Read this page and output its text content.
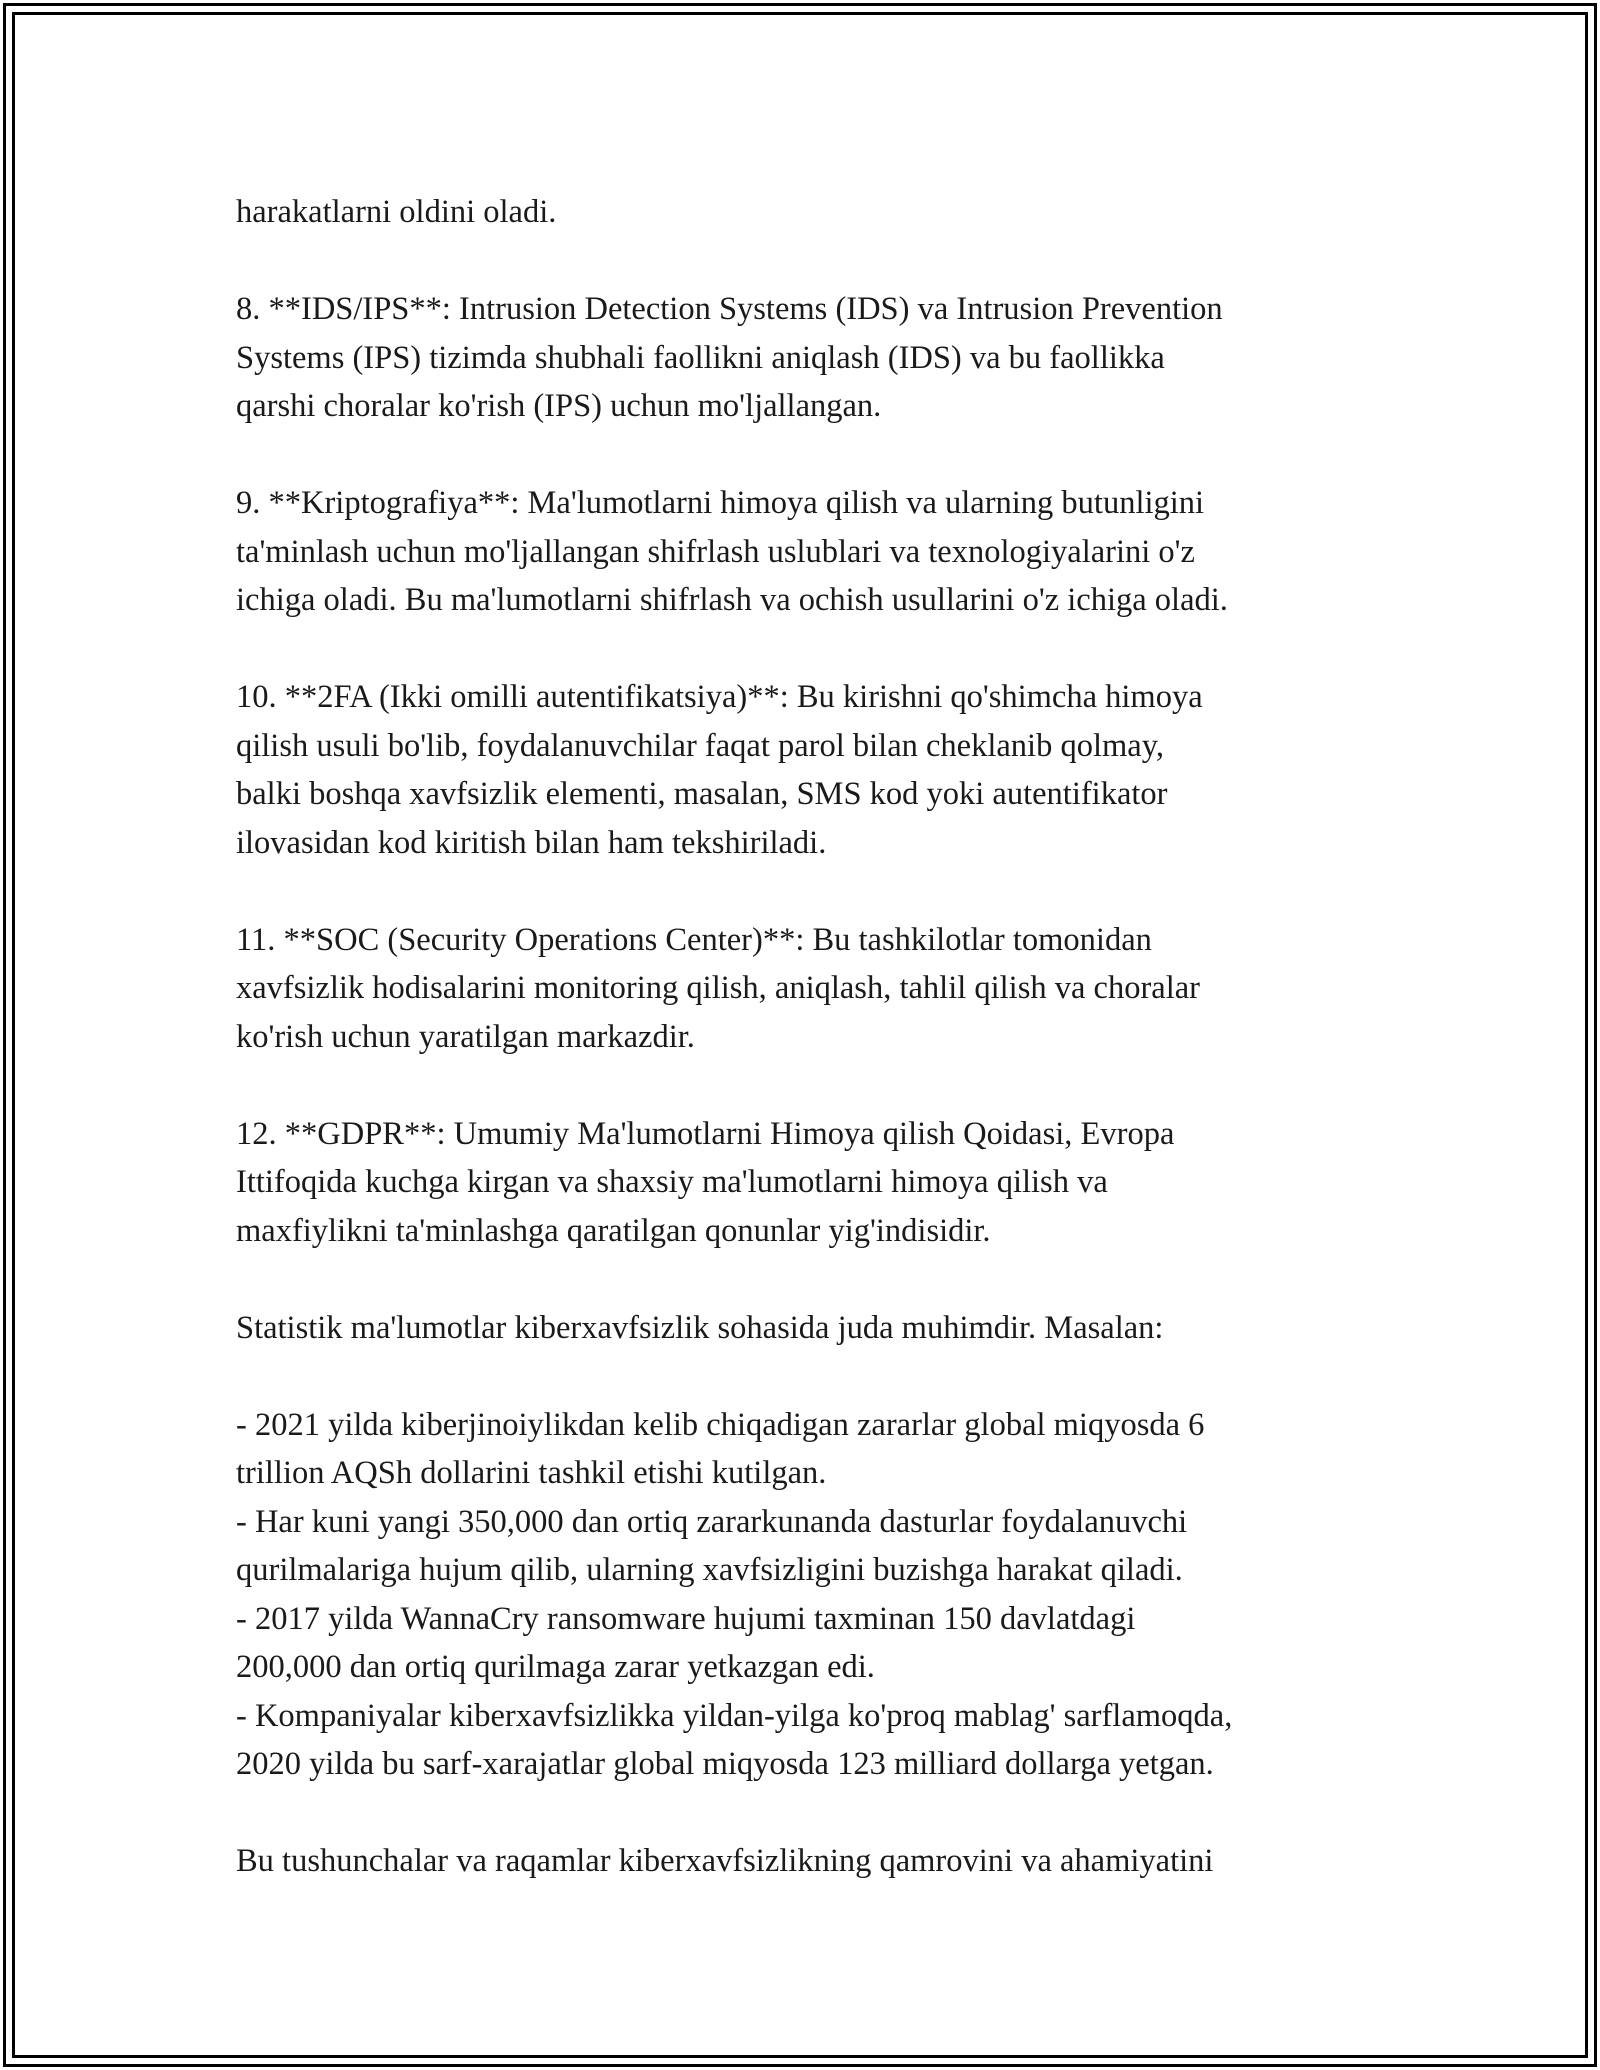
harakatlarni oldini oladi.

8. **IDS/IPS**: Intrusion Detection Systems (IDS) va Intrusion Prevention
Systems (IPS) tizimda shubhali faollikni aniqlash (IDS) va bu faollikka
qarshi choralar ko'rish (IPS) uchun mo'ljallangan.

9. **Kriptografiya**: Ma'lumotlarni himoya qilish va ularning butunligini
ta'minlash uchun mo'ljallangan shifrlash uslublari va texnologiyalarini o'z
ichiga oladi. Bu ma'lumotlarni shifrlash va ochish usullarini o'z ichiga oladi.

10. **2FA (Ikki omilli autentifikatsiya)**: Bu kirishni qo'shimcha himoya
qilish usuli bo'lib, foydalanuvchilar faqat parol bilan cheklanib qolmay,
balki boshqa xavfsizlik elementi, masalan, SMS kod yoki autentifikator
ilovasidan kod kiritish bilan ham tekshiriladi.

11. **SOC (Security Operations Center)**: Bu tashkilotlar tomonidan
xavfsizlik hodisalarini monitoring qilish, aniqlash, tahlil qilish va choralar
ko'rish uchun yaratilgan markazdir.

12. **GDPR**: Umumiy Ma'lumotlarni Himoya qilish Qoidasi, Evropa
Ittifoqida kuchga kirgan va shaxsiy ma'lumotlarni himoya qilish va
maxfiylikni ta'minlashga qaratilgan qonunlar yig'indisidir.

Statistik ma'lumotlar kiberxavfsizlik sohasida juda muhimdir. Masalan:

- 2021 yilda kiberjinoiylikdan kelib chiqadigan zararlar global miqyosda 6
trillion AQSh dollarini tashkil etishi kutilgan.
- Har kuni yangi 350,000 dan ortiq zararkunanda dasturlar foydalanuvchi
qurilmalariga hujum qilib, ularning xavfsizligini buzishga harakat qiladi.
- 2017 yilda WannaCry ransomware hujumi taxminan 150 davlatdagi
200,000 dan ortiq qurilmaga zarar yetkazgan edi.
- Kompaniyalar kiberxavfsizlikka yildan-yilga ko'proq mablag' sarflamoqda,
2020 yilda bu sarf-xarajatlar global miqyosda 123 milliard dollarga yetgan.

Bu tushunchalar va raqamlar kiberxavfsizlikning qamrovini va ahamiyatini
